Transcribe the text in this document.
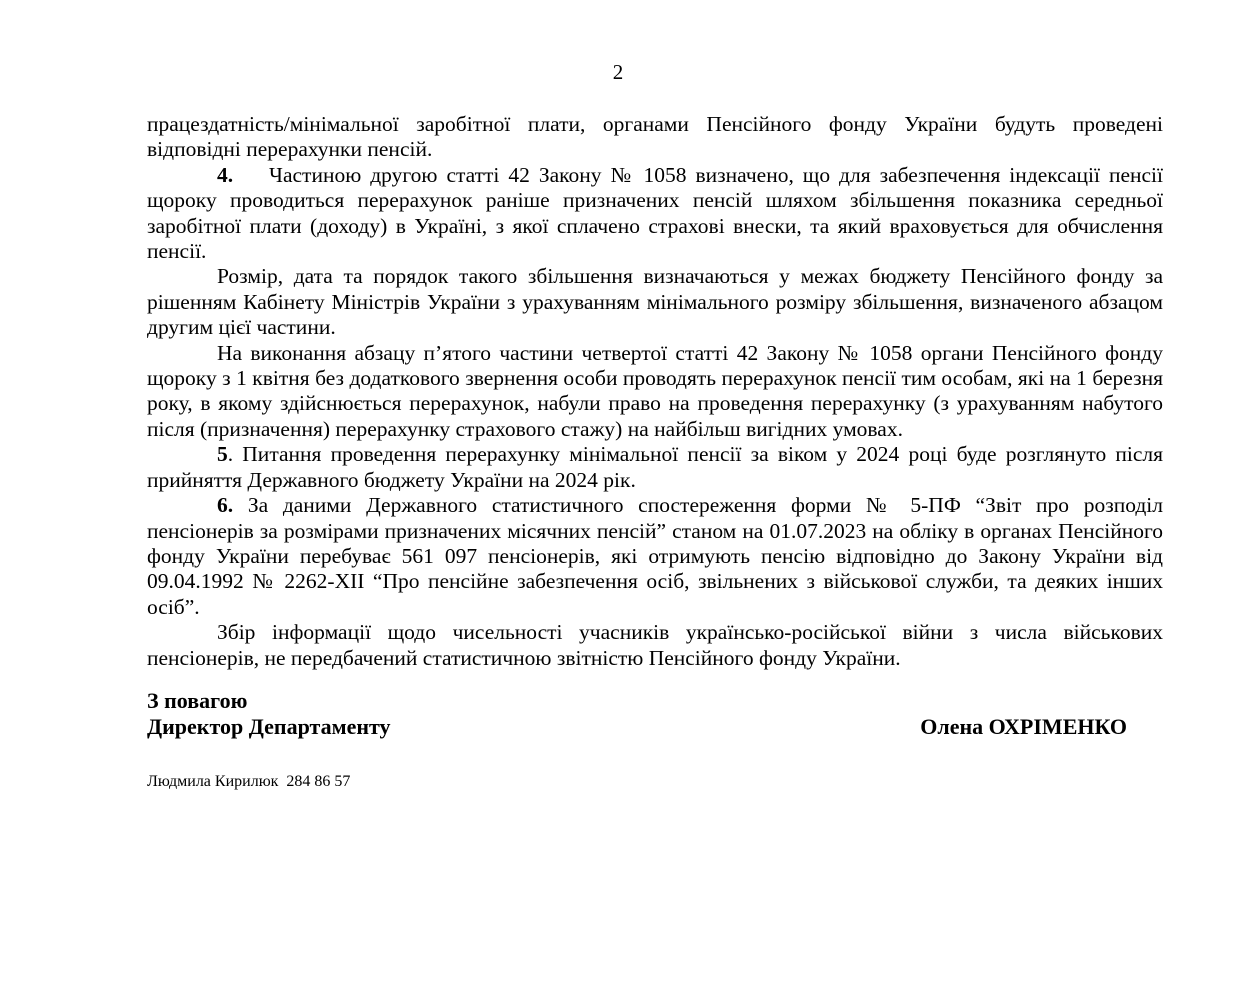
2

працездатність/мінімальної заробітної плати, органами Пенсійного фонду України будуть проведені відповідні перерахунки пенсій.

4.    Частиною другою статті 42 Закону № 1058 визначено, що для забезпечення індексації пенсії щороку проводиться перерахунок раніше призначених пенсій шляхом збільшення показника середньої заробітної плати (доходу) в Україні, з якої сплачено страхові внески, та який враховується для обчислення пенсії.

Розмір, дата та порядок такого збільшення визначаються у межах бюджету Пенсійного фонду за рішенням Кабінету Міністрів України з урахуванням мінімального розміру збільшення, визначеного абзацом другим цієї частини.

На виконання абзацу п’ятого частини четвертої статті 42 Закону № 1058 органи Пенсійного фонду щороку з 1 квітня без додаткового звернення особи проводять перерахунок пенсії тим особам, які на 1 березня року, в якому здійснюється перерахунок, набули право на проведення перерахунку (з урахуванням набутого після (призначення) перерахунку страхового стажу) на найбільш вигідних умовах.

5. Питання проведення перерахунку мінімальної пенсії за віком у 2024 році буде розглянуто після прийняття Державного бюджету України на 2024 рік.

6. За даними Державного статистичного спостереження форми № 5-ПФ “Звіт про розподіл пенсіонерів за розмірами призначених місячних пенсій” станом на 01.07.2023 на обліку в органах Пенсійного фонду України перебуває 561 097 пенсіонерів, які отримують пенсію відповідно до Закону України від 09.04.1992 № 2262-XII “Про пенсійне забезпечення осіб, звільнених з військової служби, та деяких інших осіб”.

Збір інформації щодо чисельності учасників українсько-російської війни з числа військових пенсіонерів, не передбачений статистичною звітністю Пенсійного фонду України.

З повагою

Директор Департаменту	Олена ОХРІМЕНКО
Людмила Кирилюк  284 86 57
